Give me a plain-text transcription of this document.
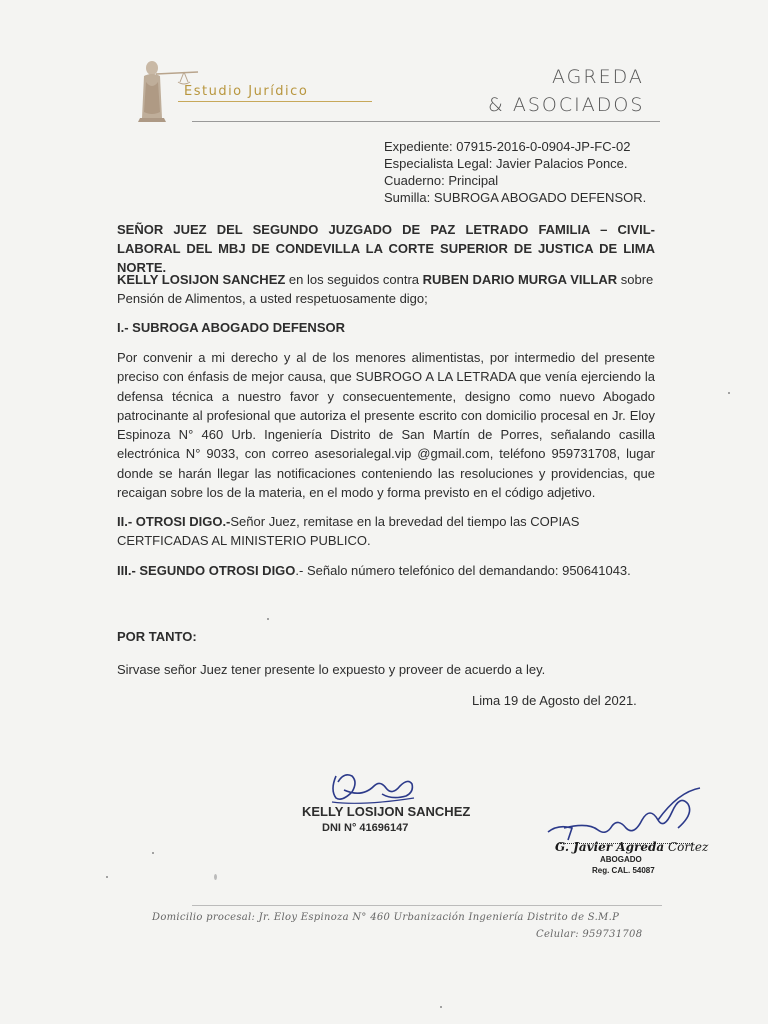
Estudio Jurídico
AGREDA
& ASOCIADOS
Expediente: 07915-2016-0-0904-JP-FC-02
Especialista Legal: Javier Palacios Ponce.
Cuaderno: Principal
Sumilla: SUBROGA ABOGADO DEFENSOR.
SEÑOR JUEZ DEL SEGUNDO JUZGADO DE PAZ LETRADO FAMILIA – CIVIL- LABORAL DEL MBJ DE CONDEVILLA LA CORTE SUPERIOR DE JUSTICA DE LIMA NORTE.
KELLY LOSIJON SANCHEZ en los seguidos contra RUBEN DARIO MURGA VILLAR sobre Pensión de Alimentos, a usted respetuosamente digo;
I.- SUBROGA ABOGADO DEFENSOR
Por convenir a mi derecho y al de los menores alimentistas, por intermedio del presente preciso con énfasis de mejor causa, que SUBROGO A LA LETRADA que venía ejerciendo la defensa técnica a nuestro favor y consecuentemente, designo como nuevo Abogado patrocinante al profesional que autoriza el presente escrito con domicilio procesal en Jr. Eloy Espinoza N° 460 Urb. Ingeniería Distrito de San Martín de Porres, señalando casilla electrónica N° 9033, con correo asesorialegal.vip @gmail.com, teléfono 959731708, lugar donde se harán llegar las notificaciones conteniendo las resoluciones y providencias, que recaigan sobre los de la materia, en el modo y forma previsto en el código adjetivo.
II.- OTROSI DIGO.-Señor Juez, remitase en la brevedad del tiempo las COPIAS CERTFICADAS AL MINISTERIO PUBLICO.
III.- SEGUNDO OTROSI DIGO.- Señalo número telefónico del demandando: 950641043.
POR TANTO:
Sirvase señor Juez tener presente lo expuesto y proveer de acuerdo a ley.
Lima 19 de Agosto del 2021.
KELLY LOSIJON SANCHEZ
DNI N° 41696147
G. Javier Agreda Cortez
ABOGADO
Reg. CAL. 54087
Domicilio procesal: Jr. Eloy Espinoza N° 460 Urbanización Ingeniería Distrito de S.M.P
Celular: 959731708
